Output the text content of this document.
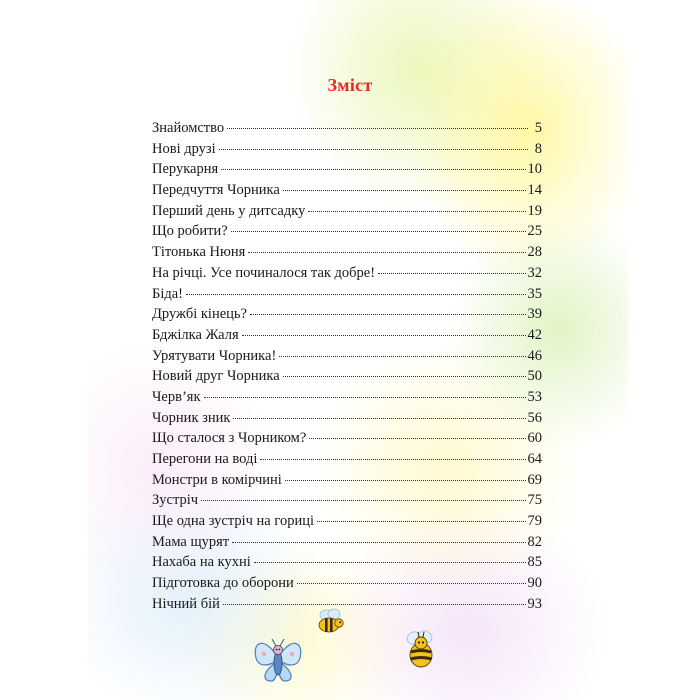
Зміст
Знайомство	5
Нові друзі	8
Перукарня	10
Передчуття Чорника	14
Перший день у дитсадку	19
Що робити?	25
Тітонька Нюня	28
На річці. Усе починалося так добре!	32
Біда!	35
Дружбі кінець?	39
Бджілка Жаля	42
Урятувати Чорника!	46
Новий друг Чорника	50
Черв’як	53
Чорник зник	56
Що сталося з Чорником?	60
Перегони на воді	64
Монстри в комірчині	69
Зустріч	75
Ще одна зустріч на гориці	79
Мама щурят	82
Нахаба на кухні	85
Підготовка до оборони	90
Нічний бій	93
